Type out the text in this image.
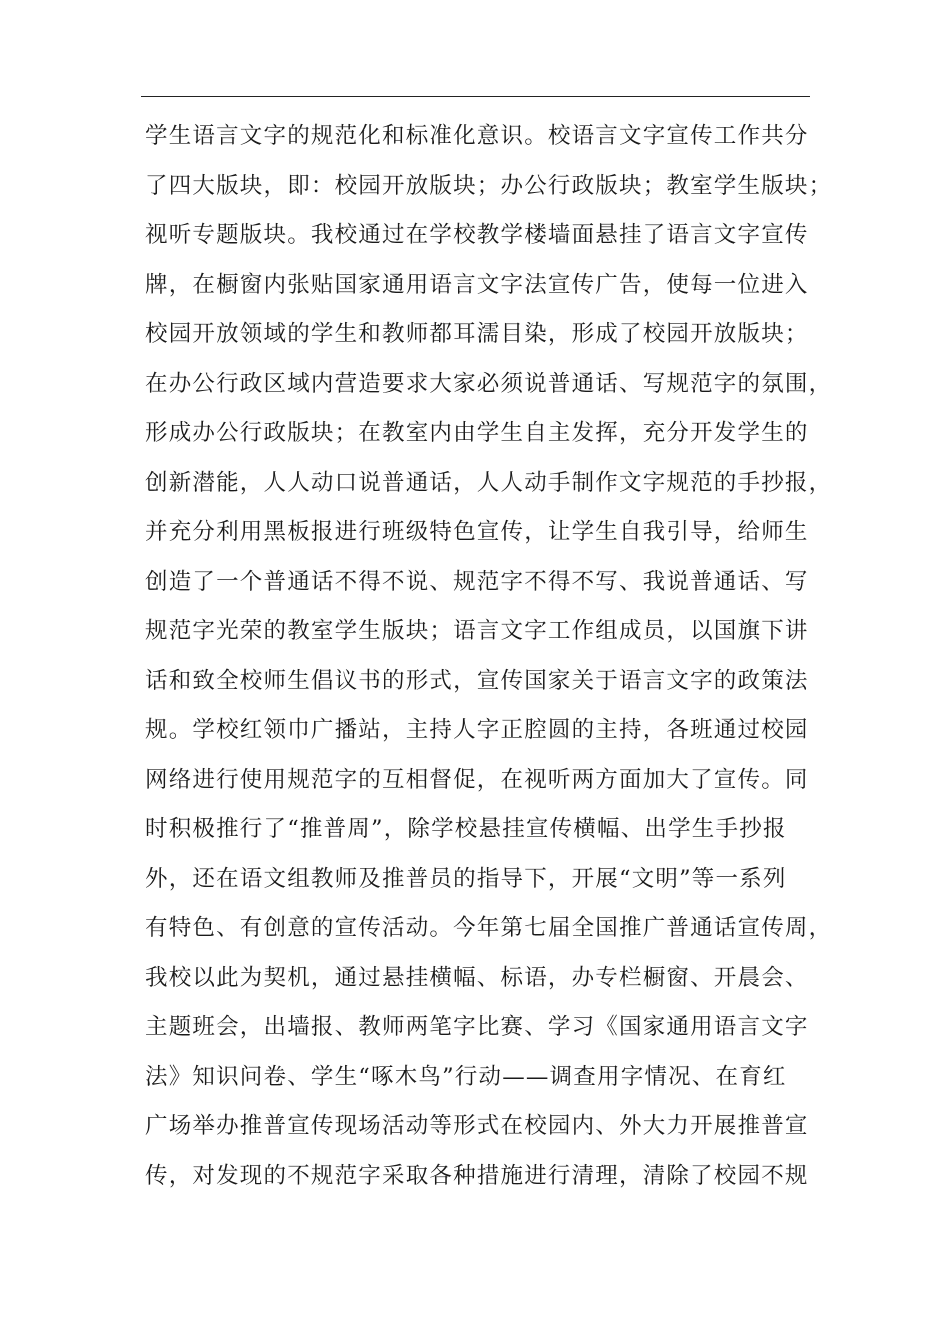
学生语言文字的规范化和标准化意识。校语言文字宣传工作共分
了四大版块，即：校园开放版块；办公行政版块；教室学生版块；
视听专题版块。我校通过在学校教学楼墙面悬挂了语言文字宣传
牌，在橱窗内张贴国家通用语言文字法宣传广告，使每一位进入
校园开放领域的学生和教师都耳濡目染，形成了校园开放版块；
在办公行政区域内营造要求大家必须说普通话、写规范字的氛围，
形成办公行政版块；在教室内由学生自主发挥，充分开发学生的
创新潜能，人人动口说普通话，人人动手制作文字规范的手抄报，
并充分利用黑板报进行班级特色宣传，让学生自我引导，给师生
创造了一个普通话不得不说、规范字不得不写、我说普通话、写
规范字光荣的教室学生版块；语言文字工作组成员，以国旗下讲
话和致全校师生倡议书的形式，宣传国家关于语言文字的政策法
规。学校红领巾广播站，主持人字正腔圆的主持，各班通过校园
网络进行使用规范字的互相督促，在视听两方面加大了宣传。同
时积极推行了“推普周”，除学校悬挂宣传横幅、出学生手抄报
外，还在语文组教师及推普员的指导下，开展“文明”等一系列
有特色、有创意的宣传活动。今年第七届全国推广普通话宣传周，
我校以此为契机，通过悬挂横幅、标语，办专栏橱窗、开晨会、
主题班会，出墙报、教师两笔字比赛、学习《国家通用语言文字
法》知识问卷、学生“啄木鸟”行动——调查用字情况、在育红
广场举办推普宣传现场活动等形式在校园内、外大力开展推普宣
传，对发现的不规范字采取各种措施进行清理，清除了校园不规
